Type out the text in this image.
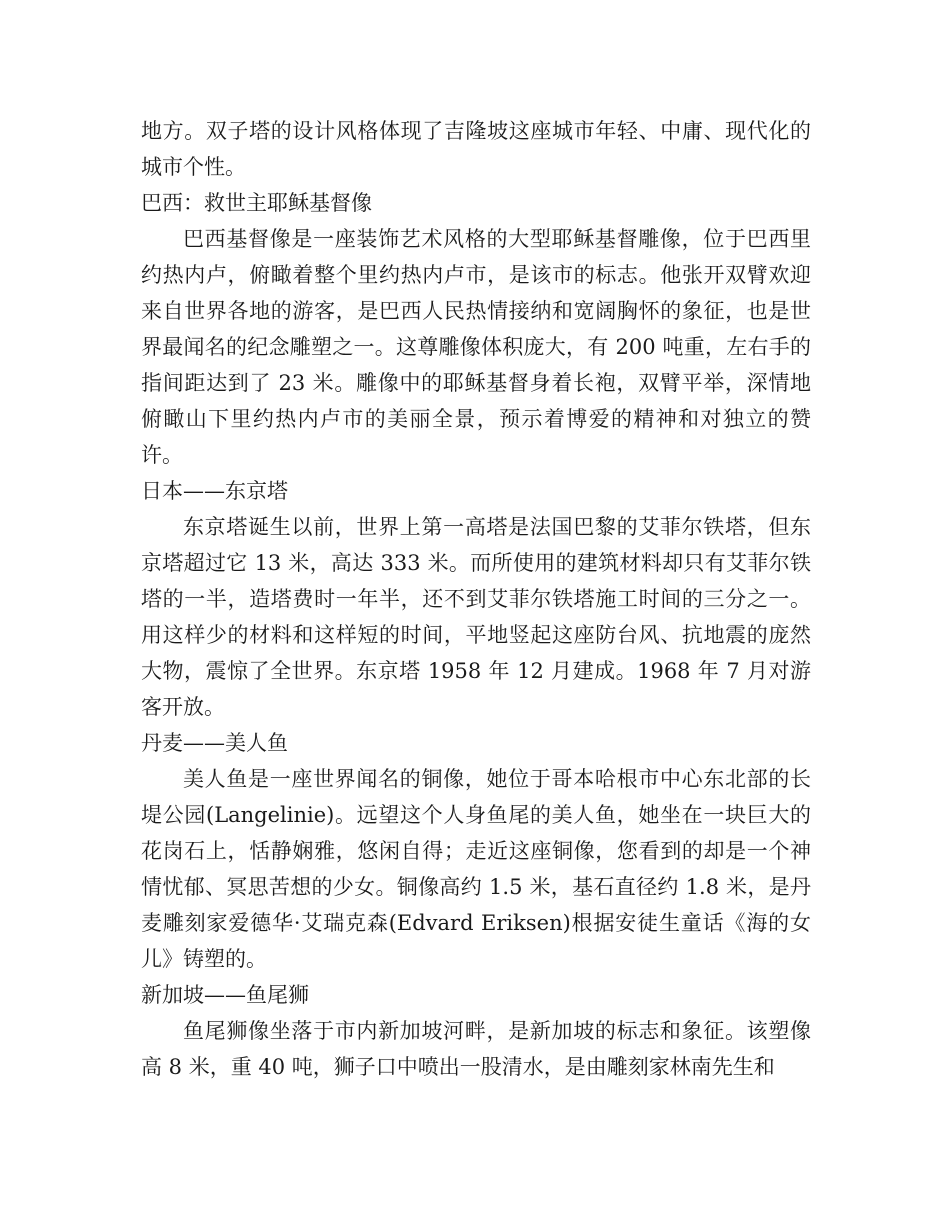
地方。双子塔的设计风格体现了吉隆坡这座城市年轻、中庸、现代化的城市个性。

巴西：救世主耶稣基督像

巴西基督像是一座装饰艺术风格的大型耶稣基督雕像，位于巴西里约热内卢，俯瞰着整个里约热内卢市，是该市的标志。他张开双臂欢迎来自世界各地的游客，是巴西人民热情接纳和宽阔胸怀的象征，也是世界最闻名的纪念雕塑之一。这尊雕像体积庞大，有 200 吨重，左右手的指间距达到了 23 米。雕像中的耶稣基督身着长袍，双臂平举，深情地俯瞰山下里约热内卢市的美丽全景，预示着博爱的精神和对独立的赞许。

日本——东京塔

东京塔诞生以前，世界上第一高塔是法国巴黎的艾菲尔铁塔，但东京塔超过它 13 米，高达 333 米。而所使用的建筑材料却只有艾菲尔铁塔的一半，造塔费时一年半，还不到艾菲尔铁塔施工时间的三分之一。用这样少的材料和这样短的时间，平地竖起这座防台风、抗地震的庞然大物，震惊了全世界。东京塔 1958 年 12 月建成。1968 年 7 月对游客开放。

丹麦——美人鱼

美人鱼是一座世界闻名的铜像，她位于哥本哈根市中心东北部的长堤公园(Langelinie)。远望这个人身鱼尾的美人鱼，她坐在一块巨大的花岗石上，恬静娴雅，悠闲自得；走近这座铜像，您看到的却是一个神情忧郁、冥思苦想的少女。铜像高约 1.5 米，基石直径约 1.8 米，是丹麦雕刻家爱德华·艾瑞克森(Edvard Eriksen)根据安徒生童话《海的女儿》铸塑的。

新加坡——鱼尾狮

鱼尾狮像坐落于市内新加坡河畔，是新加坡的标志和象征。该塑像高 8 米，重 40 吨，狮子口中喷出一股清水，是由雕刻家林南先生和
